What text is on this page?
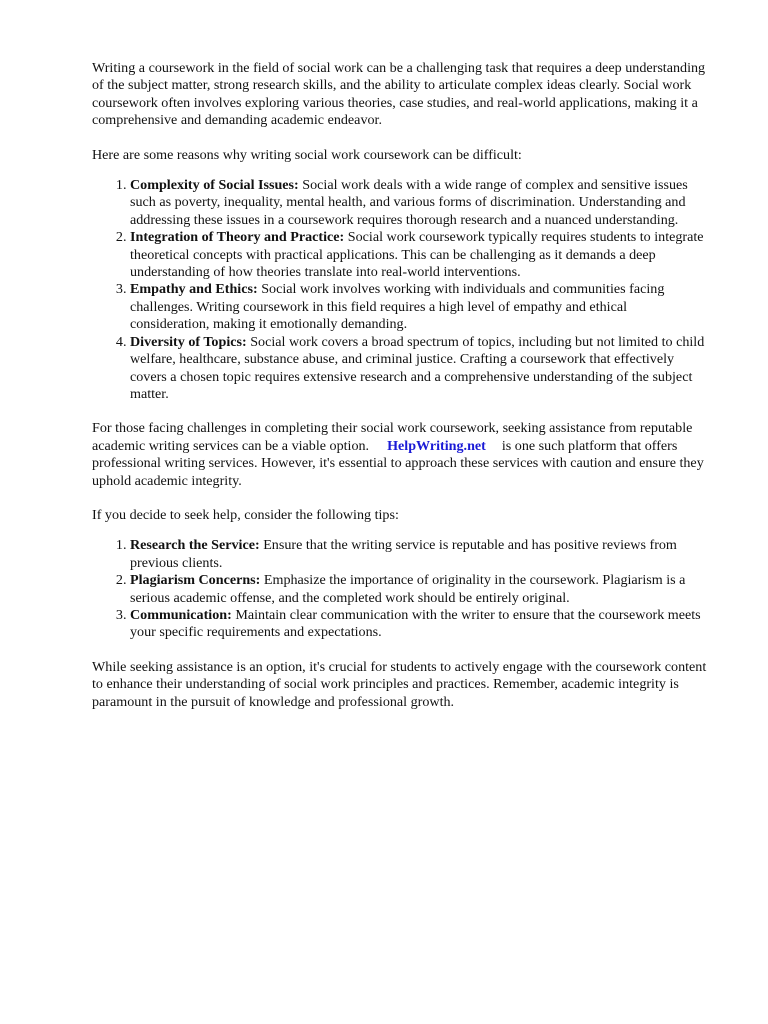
Writing a coursework in the field of social work can be a challenging task that requires a deep understanding of the subject matter, strong research skills, and the ability to articulate complex ideas clearly. Social work coursework often involves exploring various theories, case studies, and real-world applications, making it a comprehensive and demanding academic endeavor.

Here are some reasons why writing social work coursework can be difficult:

1. Complexity of Social Issues: Social work deals with a wide range of complex and sensitive issues such as poverty, inequality, mental health, and various forms of discrimination. Understanding and addressing these issues in a coursework requires thorough research and a nuanced understanding.
2. Integration of Theory and Practice: Social work coursework typically requires students to integrate theoretical concepts with practical applications. This can be challenging as it demands a deep understanding of how theories translate into real-world interventions.
3. Empathy and Ethics: Social work involves working with individuals and communities facing challenges. Writing coursework in this field requires a high level of empathy and ethical consideration, making it emotionally demanding.
4. Diversity of Topics: Social work covers a broad spectrum of topics, including but not limited to child welfare, healthcare, substance abuse, and criminal justice. Crafting a coursework that effectively covers a chosen topic requires extensive research and a comprehensive understanding of the subject matter.

For those facing challenges in completing their social work coursework, seeking assistance from reputable academic writing services can be a viable option. HelpWriting.net is one such platform that offers professional writing services. However, it's essential to approach these services with caution and ensure they uphold academic integrity.

If you decide to seek help, consider the following tips:

1. Research the Service: Ensure that the writing service is reputable and has positive reviews from previous clients.
2. Plagiarism Concerns: Emphasize the importance of originality in the coursework. Plagiarism is a serious academic offense, and the completed work should be entirely original.
3. Communication: Maintain clear communication with the writer to ensure that the coursework meets your specific requirements and expectations.

While seeking assistance is an option, it's crucial for students to actively engage with the coursework content to enhance their understanding of social work principles and practices. Remember, academic integrity is paramount in the pursuit of knowledge and professional growth.
